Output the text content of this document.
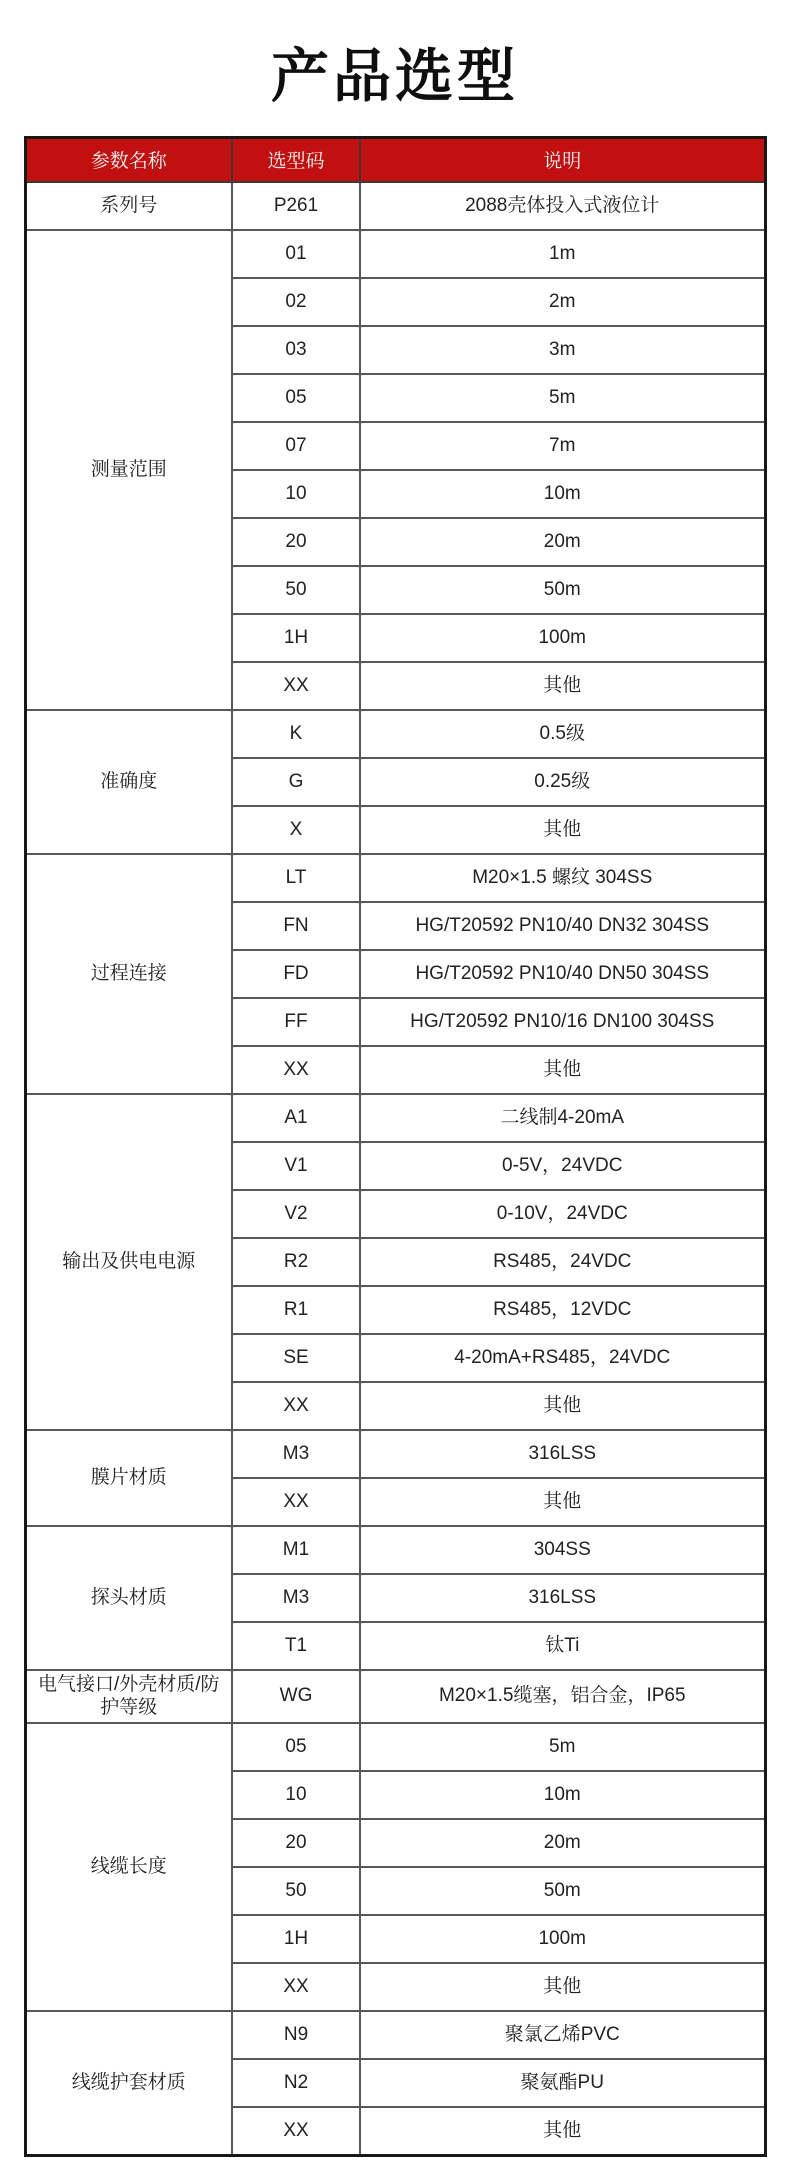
产品选型
参数名称	选型码	说明
系列号	P261	2088壳体投入式液位计
测量范围	01	1m
	02	2m
	03	3m
	05	5m
	07	7m
	10	10m
	20	20m
	50	50m
	1H	100m
	XX	其他
准确度	K	0.5级
	G	0.25级
	X	其他
过程连接	LT	M20×1.5 螺纹 304SS
	FN	HG/T20592 PN10/40 DN32 304SS
	FD	HG/T20592 PN10/40 DN50 304SS
	FF	HG/T20592 PN10/16 DN100 304SS
	XX	其他
输出及供电电源	A1	二线制4-20mA
	V1	0-5V，24VDC
	V2	0-10V，24VDC
	R2	RS485，24VDC
	R1	RS485，12VDC
	SE	4-20mA+RS485，24VDC
	XX	其他
膜片材质	M3	316LSS
	XX	其他
探头材质	M1	304SS
	M3	316LSS
	T1	钛Ti
电气接口/外壳材质/防护等级	WG	M20×1.5缆塞，铝合金，IP65
线缆长度	05	5m
	10	10m
	20	20m
	50	50m
	1H	100m
	XX	其他
线缆护套材质	N9	聚氯乙烯PVC
	N2	聚氨酯PU
	XX	其他
